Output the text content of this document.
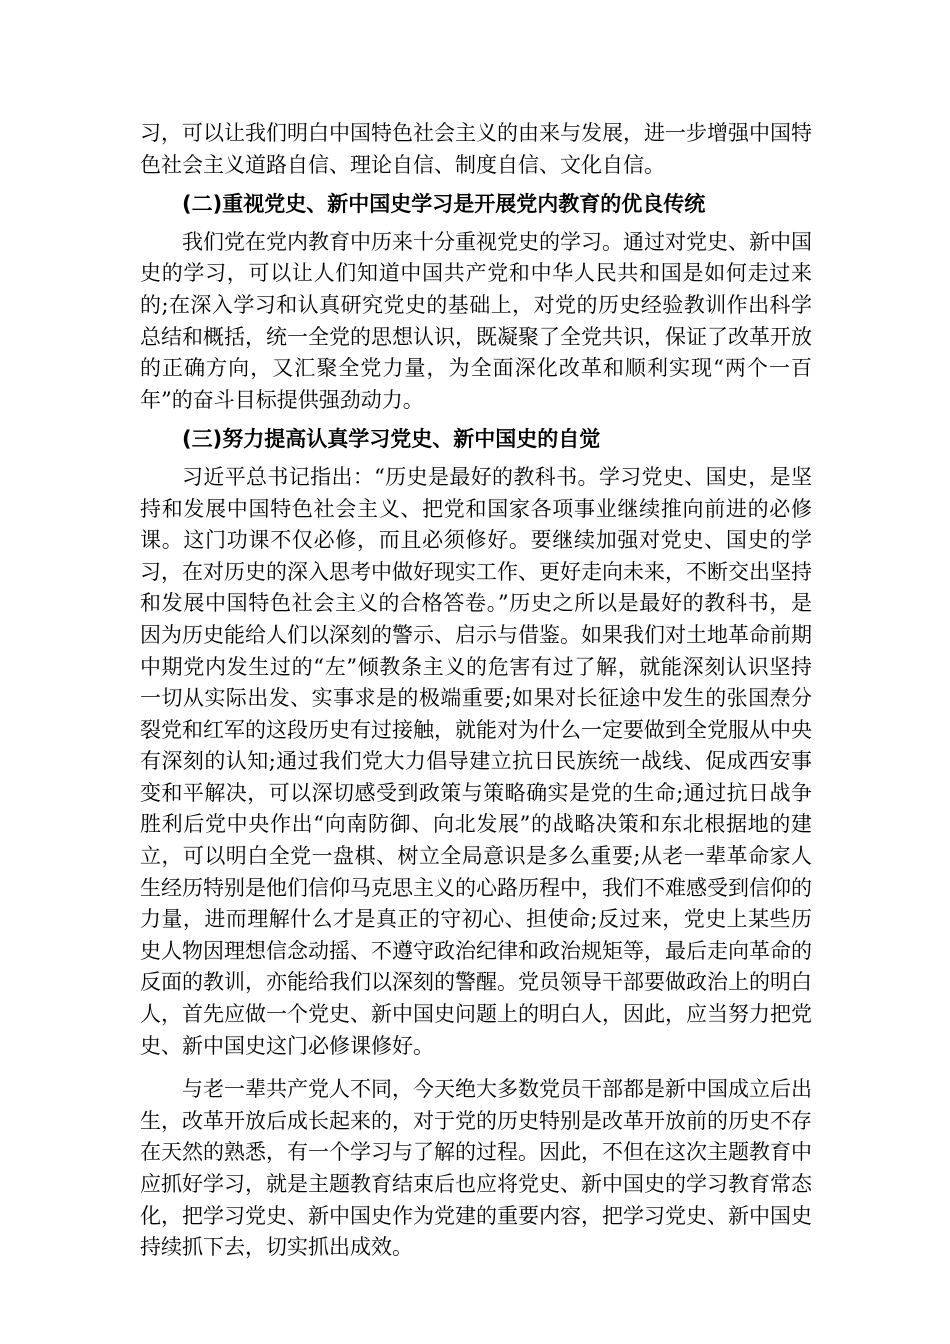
习，可以让我们明白中国特色社会主义的由来与发展，进一步增强中国特色社会主义道路自信、理论自信、制度自信、文化自信。

(二)重视党史、新中国史学习是开展党内教育的优良传统

我们党在党内教育中历来十分重视党史的学习。通过对党史、新中国史的学习，可以让人们知道中国共产党和中华人民共和国是如何走过来的;在深入学习和认真研究党史的基础上，对党的历史经验教训作出科学总结和概括，统一全党的思想认识，既凝聚了全党共识，保证了改革开放的正确方向，又汇聚全党力量，为全面深化改革和顺利实现“两个一百年”的奋斗目标提供强劲动力。

(三)努力提高认真学习党史、新中国史的自觉

习近平总书记指出：“历史是最好的教科书。学习党史、国史，是坚持和发展中国特色社会主义、把党和国家各项事业继续推向前进的必修课。这门功课不仅必修，而且必须修好。要继续加强对党史、国史的学习，在对历史的深入思考中做好现实工作、更好走向未来，不断交出坚持和发展中国特色社会主义的合格答卷。”历史之所以是最好的教科书，是因为历史能给人们以深刻的警示、启示与借鉴。如果我们对土地革命前期中期党内发生过的“左”倾教条主义的危害有过了解，就能深刻认识坚持一切从实际出发、实事求是的极端重要;如果对长征途中发生的张国焘分裂党和红军的这段历史有过接触，就能对为什么一定要做到全党服从中央有深刻的认知;通过我们党大力倡导建立抗日民族统一战线、促成西安事变和平解决，可以深切感受到政策与策略确实是党的生命;通过抗日战争胜利后党中央作出“向南防御、向北发展”的战略决策和东北根据地的建立，可以明白全党一盘棋、树立全局意识是多么重要;从老一辈革命家人生经历特别是他们信仰马克思主义的心路历程中，我们不难感受到信仰的力量，进而理解什么才是真正的守初心、担使命;反过来，党史上某些历史人物因理想信念动摇、不遵守政治纪律和政治规矩等，最后走向革命的反面的教训，亦能给我们以深刻的警醒。党员领导干部要做政治上的明白人，首先应做一个党史、新中国史问题上的明白人，因此，应当努力把党史、新中国史这门必修课修好。

与老一辈共产党人不同，今天绝大多数党员干部都是新中国成立后出生，改革开放后成长起来的，对于党的历史特别是改革开放前的历史不存在天然的熟悉，有一个学习与了解的过程。因此，不但在这次主题教育中应抓好学习，就是主题教育结束后也应将党史、新中国史的学习教育常态化，把学习党史、新中国史作为党建的重要内容，把学习党史、新中国史持续抓下去，切实抓出成效。
